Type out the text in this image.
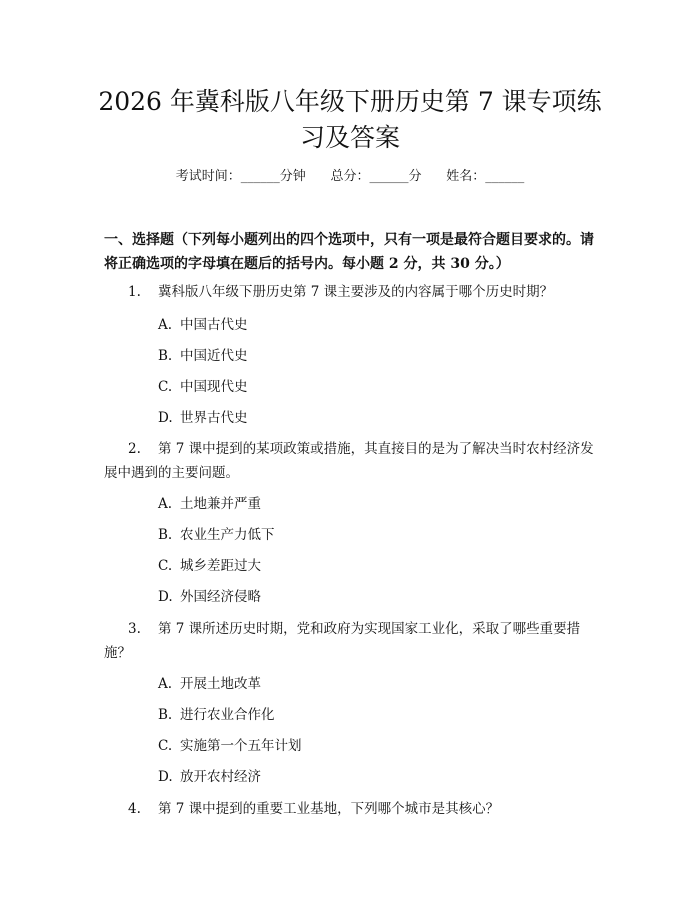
2026 年冀科版八年级下册历史第 7 课专项练
习及答案
考试时间：______分钟      总分：______分      姓名：______

一、选择题（下列每小题列出的四个选项中，只有一项是最符合题目要求的。请将正确选项的字母填在题后的括号内。每小题 2 分，共 30 分。）

1. 冀科版八年级下册历史第 7 课主要涉及的内容属于哪个历史时期？

A. 中国古代史

B. 中国近代史

C. 中国现代史

D. 世界古代史

2. 第 7 课中提到的某项政策或措施，其直接目的是为了解决当时农村经济发展中遇到的主要问题。

A. 土地兼并严重

B. 农业生产力低下

C. 城乡差距过大

D. 外国经济侵略

3. 第 7 课所述历史时期，党和政府为实现国家工业化，采取了哪些重要措施？

A. 开展土地改革

B. 进行农业合作化

C. 实施第一个五年计划

D. 放开农村经济

4. 第 7 课中提到的重要工业基地，下列哪个城市是其核心？
